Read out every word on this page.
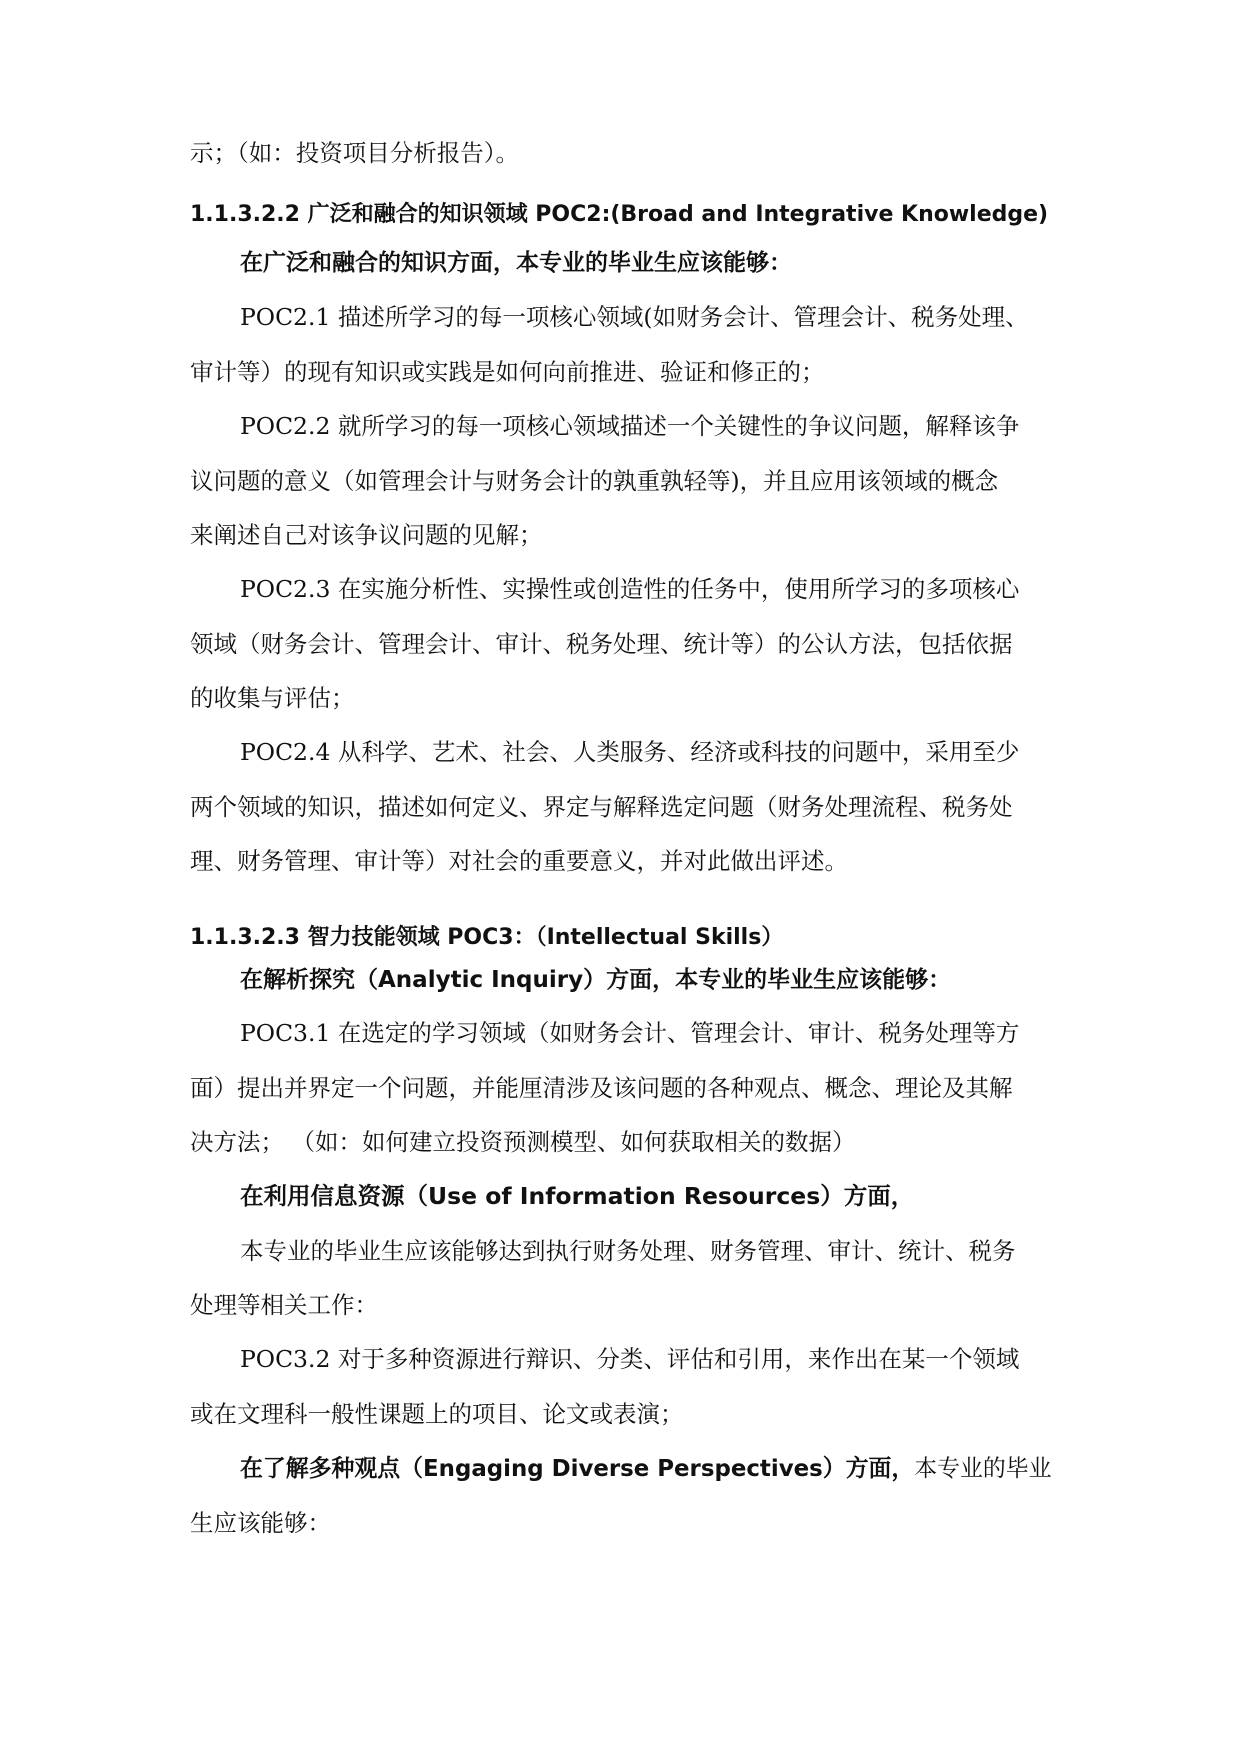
示；（如：投资项目分析报告）。
1.1.3.2.2 广泛和融合的知识领域 POC2:(Broad and Integrative Knowledge)
在广泛和融合的知识方面，本专业的毕业生应该能够：
POC2.1 描述所学习的每一项核心领域(如财务会计、管理会计、税务处理、
审计等）的现有知识或实践是如何向前推进、验证和修正的；
POC2.2 就所学习的每一项核心领域描述一个关键性的争议问题，解释该争
议问题的意义（如管理会计与财务会计的孰重孰轻等)，并且应用该领域的概念
来阐述自己对该争议问题的见解；
POC2.3 在实施分析性、实操性或创造性的任务中，使用所学习的多项核心
领域（财务会计、管理会计、审计、税务处理、统计等）的公认方法，包括依据
的收集与评估；
POC2.4 从科学、艺术、社会、人类服务、经济或科技的问题中，采用至少
两个领域的知识，描述如何定义、界定与解释选定问题（财务处理流程、税务处
理、财务管理、审计等）对社会的重要意义，并对此做出评述。
1.1.3.2.3 智力技能领域 POC3：（Intellectual Skills）
在解析探究（Analytic Inquiry）方面，本专业的毕业生应该能够：
POC3.1 在选定的学习领域（如财务会计、管理会计、审计、税务处理等方
面）提出并界定一个问题，并能厘清涉及该问题的各种观点、概念、理论及其解
决方法； （如：如何建立投资预测模型、如何获取相关的数据）
在利用信息资源（Use of Information Resources）方面，
本专业的毕业生应该能够达到执行财务处理、财务管理、审计、统计、税务
处理等相关工作：
POC3.2 对于多种资源进行辩识、分类、评估和引用，来作出在某一个领域
或在文理科一般性课题上的项目、论文或表演；
在了解多种观点（Engaging Diverse Perspectives）方面，本专业的毕业
生应该能够：
